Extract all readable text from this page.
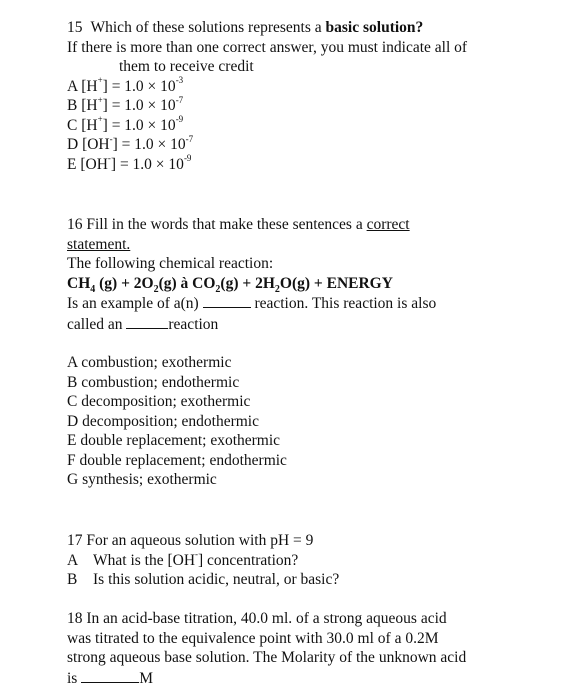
15 Which of these solutions represents a basic solution?
If there is more than one correct answer, you must indicate all of
them to receive credit
A $[H^+] = 1.0 \times 10^{-3}$
B $[H^+] = 1.0 \times 10^{-7}$
C $[H^+] = 1.0 \times 10^{-9}$
D $[OH^-] = 1.0 \times 10^{-7}$
E $[OH^-] = 1.0 \times 10^{-9}$
16 Fill in the words that make these sentences a correct
statement.
The following chemical reaction:
$CH_4$ $(g) + 2O_2(g)$ à $CO_2(g) + 2H_2O(g)$ + ENERGY
Is an example of a(n)	reaction. This reaction is also
called an	reaction
A combustion; exothermic
B combustion; endothermic
C decomposition; exothermic
D decomposition; endothermic
E double replacement; exothermic
F double replacement; endothermic
G synthesis; exothermic
17 For an aqueous solution with pH = 9
A What is the [OH-] concentration?
B Is this solution acidic, neutral, or basic?
18 In an acid-base titration, 40.0 ml. of a strong aqueous acid
was titrated to the equivalence point with 30.0 ml of a 0.2M
strong aqueous base solution. The Molarity of the unknown acid
is	M
